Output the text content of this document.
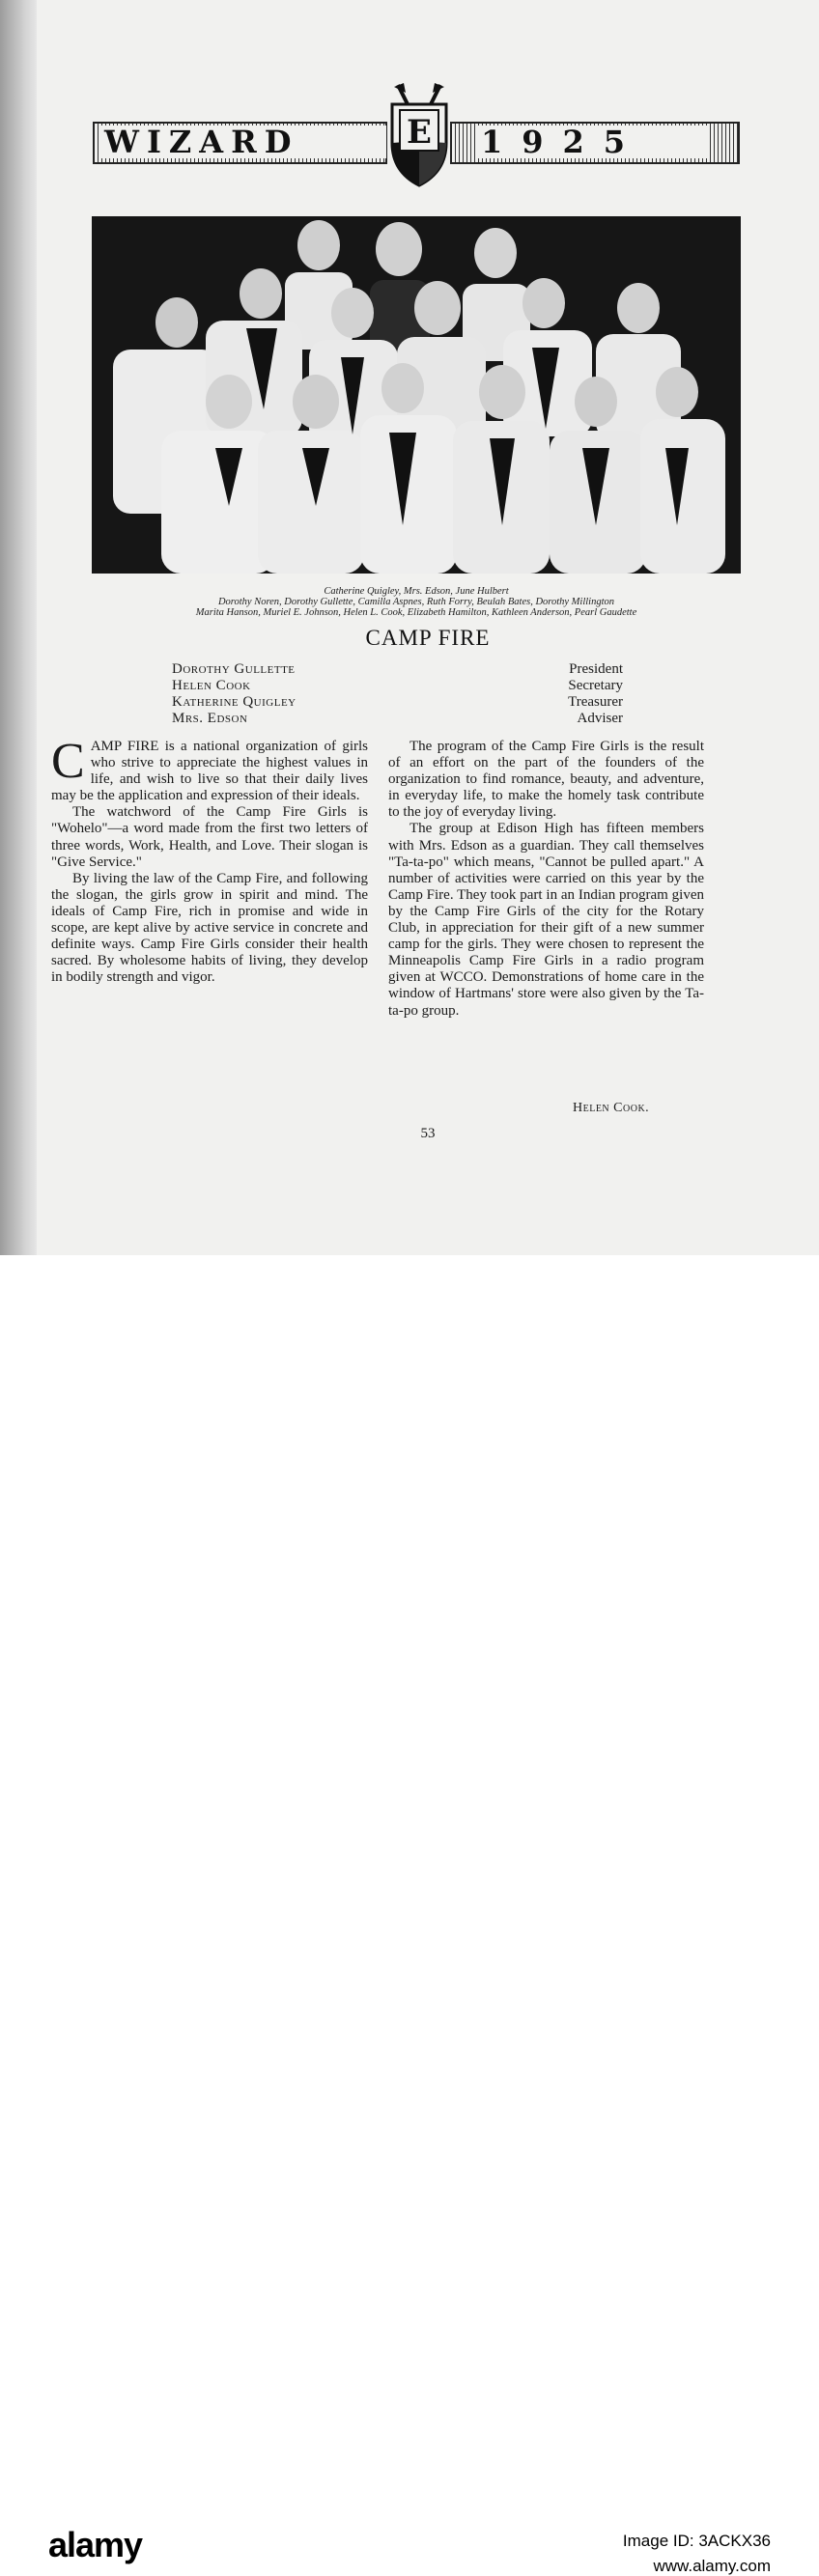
WIZARD	1925
E
Catherine Quigley, Mrs. Edson, June Hulbert
Dorothy Noren, Dorothy Gullette, Camilla Aspnes, Ruth Forry, Beulah Bates, Dorothy Millington
Marita Hanson, Muriel E. Johnson, Helen L. Cook, Elizabeth Hamilton, Kathleen Anderson, Pearl Gaudette
CAMP FIRE
Dorothy Gullette
Helen Cook
Katherine Quigley
Mrs. Edson
President
Secretary
Treasurer
Adviser

CAMP FIRE is a national organization of girls who strive to appreciate the highest values in life, and wish to live so that their daily lives may be the application and expression of their ideals.

The watchword of the Camp Fire Girls is "Wohelo"—a word made from the first two letters of three words, Work, Health, and Love. Their slogan is "Give Service."

By living the law of the Camp Fire, and following the slogan, the girls grow in spirit and mind. The ideals of Camp Fire, rich in promise and wide in scope, are kept alive by active service in concrete and definite ways. Camp Fire Girls consider their health sacred. By wholesome habits of living, they develop in bodily strength and vigor.

The program of the Camp Fire Girls is the result of an effort on the part of the founders of the organization to find romance, beauty, and adventure, in everyday life, to make the homely task contribute to the joy of everyday living.

The group at Edison High has fifteen members with Mrs. Edson as a guardian. They call themselves "Ta-ta-po" which means, "Cannot be pulled apart." A number of activities were carried on this year by the Camp Fire. They took part in an Indian program given by the Camp Fire Girls of the city for the Rotary Club, in appreciation for their gift of a new summer camp for the girls. They were chosen to represent the Minneapolis Camp Fire Girls in a radio program given at WCCO. Demonstrations of home care in the window of Hartmans' store were also given by the Ta-ta-po group.

Helen Cook.
53
alamy	Image ID: 3ACKX36
www.alamy.com
